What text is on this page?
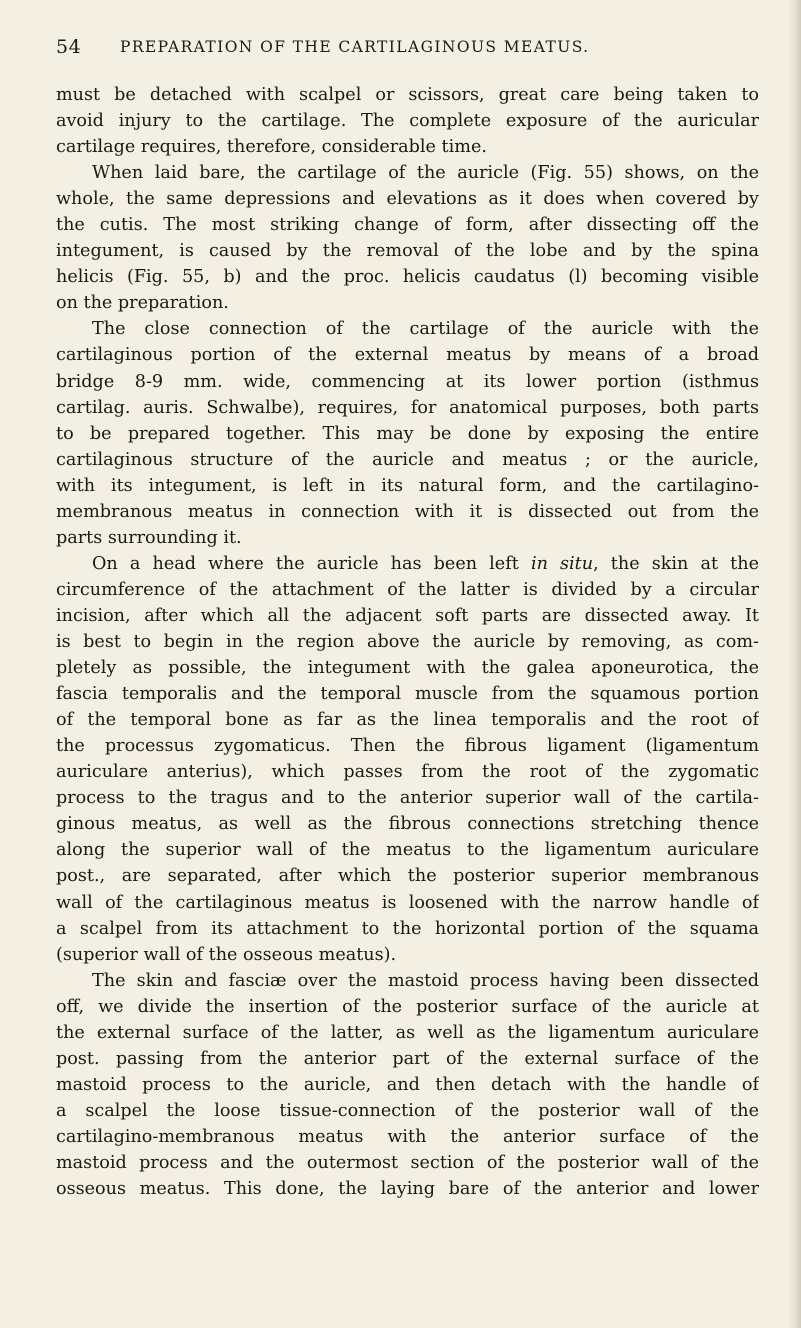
54	PREPARATION OF THE CARTILAGINOUS MEATUS.
must be detached with scalpel or scissors, great care being taken to
avoid injury to the cartilage. The complete exposure of the auricular
cartilage requires, therefore, considerable time.
When laid bare, the cartilage of the auricle (Fig. 55) shows, on the
whole, the same depressions and elevations as it does when covered by
the cutis. The most striking change of form, after dissecting off the
integument, is caused by the removal of the lobe and by the spina
helicis (Fig. 55, b) and the proc. helicis caudatus (l) becoming visible
on the preparation.
The close connection of the cartilage of the auricle with the
cartilaginous portion of the external meatus by means of a broad
bridge 8-9 mm. wide, commencing at its lower portion (isthmus
cartilag. auris. Schwalbe), requires, for anatomical purposes, both parts
to be prepared together. This may be done by exposing the entire
cartilaginous structure of the auricle and meatus ; or the auricle,
with its integument, is left in its natural form, and the cartilagino-
membranous meatus in connection with it is dissected out from the
parts surrounding it.
On a head where the auricle has been left in situ, the skin at the
circumference of the attachment of the latter is divided by a circular
incision, after which all the adjacent soft parts are dissected away. It
is best to begin in the region above the auricle by removing, as com-
pletely as possible, the integument with the galea aponeurotica, the
fascia temporalis and the temporal muscle from the squamous portion
of the temporal bone as far as the linea temporalis and the root of
the processus zygomaticus. Then the fibrous ligament (ligamentum
auriculare anterius), which passes from the root of the zygomatic
process to the tragus and to the anterior superior wall of the cartila-
ginous meatus, as well as the fibrous connections stretching thence
along the superior wall of the meatus to the ligamentum auriculare
post., are separated, after which the posterior superior membranous
wall of the cartilaginous meatus is loosened with the narrow handle of
a scalpel from its attachment to the horizontal portion of the squama
(superior wall of the osseous meatus).
The skin and fasciæ over the mastoid process having been dissected
off, we divide the insertion of the posterior surface of the auricle at
the external surface of the latter, as well as the ligamentum auriculare
post. passing from the anterior part of the external surface of the
mastoid process to the auricle, and then detach with the handle of
a scalpel the loose tissue-connection of the posterior wall of the
cartilagino-membranous meatus with the anterior surface of the
mastoid process and the outermost section of the posterior wall of the
osseous meatus. This done, the laying bare of the anterior and lower
